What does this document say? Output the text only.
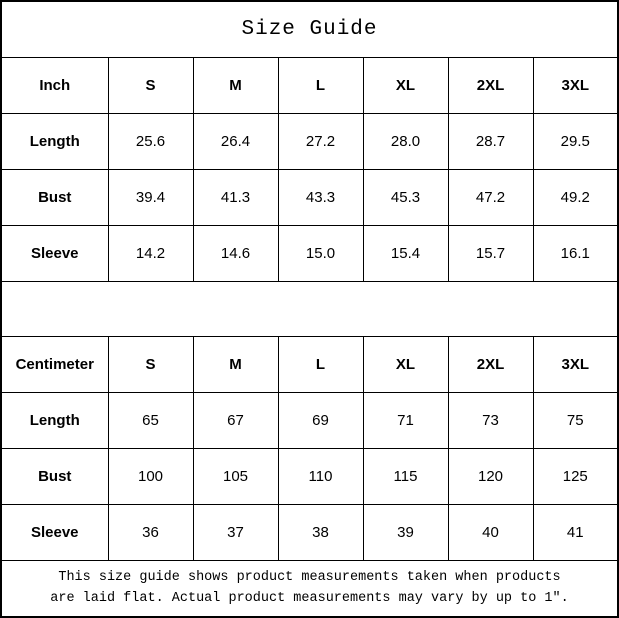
Size Guide						
Inch	S	M	L	XL	2XL	3XL
Length	25.6	26.4	27.2	28.0	28.7	29.5
Bust	39.4	41.3	43.3	45.3	47.2	49.2
Sleeve	14.2	14.6	15.0	15.4	15.7	16.1

Centimeter	S	M	L	XL	2XL	3XL
Length	65	67	69	71	73	75
Bust	100	105	110	115	120	125
Sleeve	36	37	38	39	40	41

This size guide shows product measurements taken when products
are laid flat. Actual product measurements may vary by up to 1″.						
